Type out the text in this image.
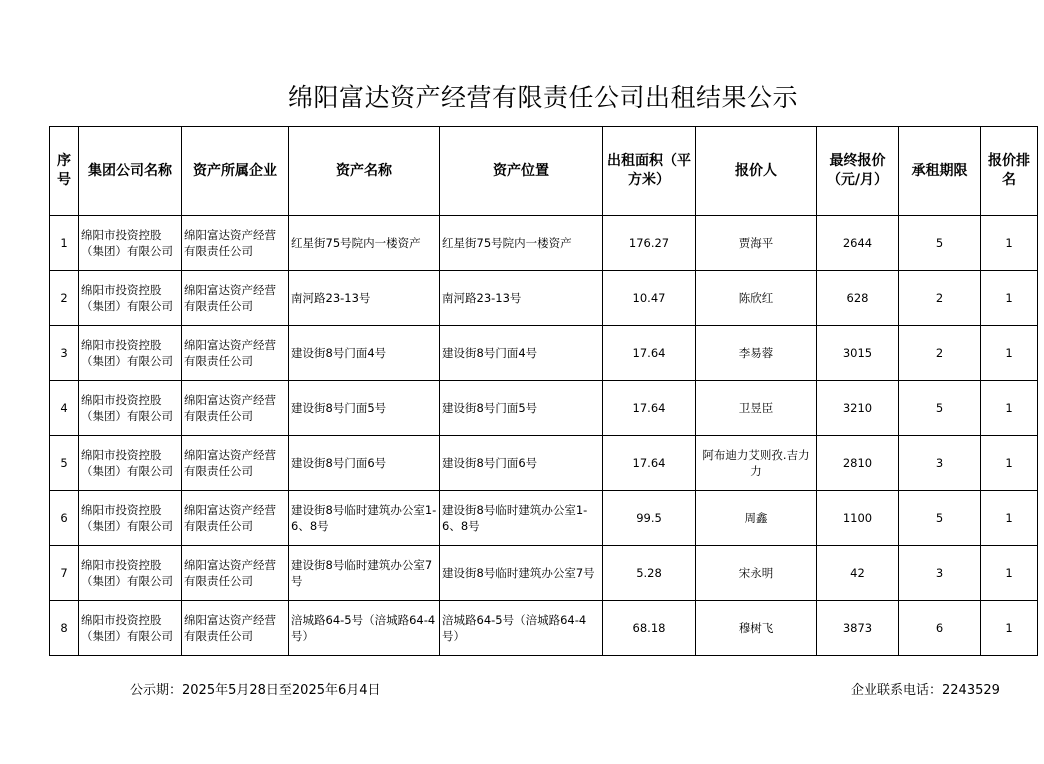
绵阳富达资产经营有限责任公司出租结果公示
序号	集团公司名称	资产所属企业	资产名称	资产位置	出租面积（平方米）	报价人	最终报价（元/月）	承租期限	报价排名
1	绵阳市投资控股（集团）有限公司	绵阳富达资产经营有限责任公司	红星街75号院内一楼资产	红星街75号院内一楼资产	176.27	贾海平	2644	5	1
2	绵阳市投资控股（集团）有限公司	绵阳富达资产经营有限责任公司	南河路23-13号	南河路23-13号	10.47	陈欣红	628	2	1
3	绵阳市投资控股（集团）有限公司	绵阳富达资产经营有限责任公司	建设街8号门面4号	建设街8号门面4号	17.64	李易蓉	3015	2	1
4	绵阳市投资控股（集团）有限公司	绵阳富达资产经营有限责任公司	建设街8号门面5号	建设街8号门面5号	17.64	卫昱臣	3210	5	1
5	绵阳市投资控股（集团）有限公司	绵阳富达资产经营有限责任公司	建设街8号门面6号	建设街8号门面6号	17.64	阿布迪力艾则孜.吉力力	2810	3	1
6	绵阳市投资控股（集团）有限公司	绵阳富达资产经营有限责任公司	建设街8号临时建筑办公室1-6、8号	建设街8号临时建筑办公室1-6、8号	99.5	周鑫	1100	5	1
7	绵阳市投资控股（集团）有限公司	绵阳富达资产经营有限责任公司	建设街8号临时建筑办公室7号	建设街8号临时建筑办公室7号	5.28	宋永明	42	3	1
8	绵阳市投资控股（集团）有限公司	绵阳富达资产经营有限责任公司	涪城路64-5号（涪城路64-4号）	涪城路64-5号（涪城路64-4号）	68.18	穆树飞	3873	6	1
公示期：2025年5月28日至2025年6月4日	企业联系电话：2243529
